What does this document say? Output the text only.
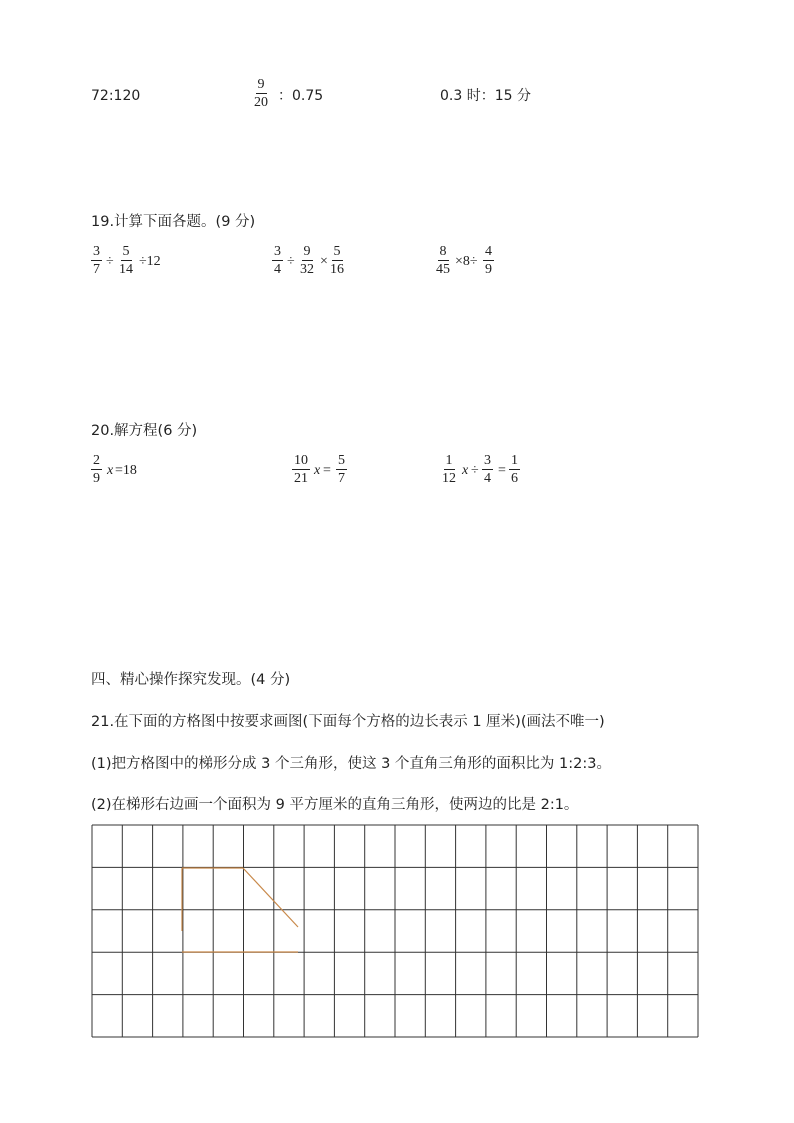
72:120	$\frac{9}{20}$ ：0.75	0.3 时：15 分
19.计算下面各题。(9 分)
$\frac{3}{7} \div \frac{5}{14} \div 12$	$\frac{3}{4} \div \frac{9}{32} \times \frac{5}{16}$	$\frac{8}{45} \times 8\div \frac{4}{9}$
20.解方程(6 分)
$\frac{2}{9}$ x =18	$\frac{10}{21}$ $x = \frac{5}{7}$	$\frac{1}{12}$ $x \div \frac{3}{4} = \frac{1}{6}$
四、精心操作探究发现。(4 分)
21.在下面的方格图中按要求画图(下面每个方格的边长表示 1 厘米)(画法不唯一)
(1)把方格图中的梯形分成 3 个三角形，使这 3 个直角三角形的面积比为 1:2:3。
(2)在梯形右边画一个面积为 9 平方厘米的直角三角形，使两边的比是 2:1。
